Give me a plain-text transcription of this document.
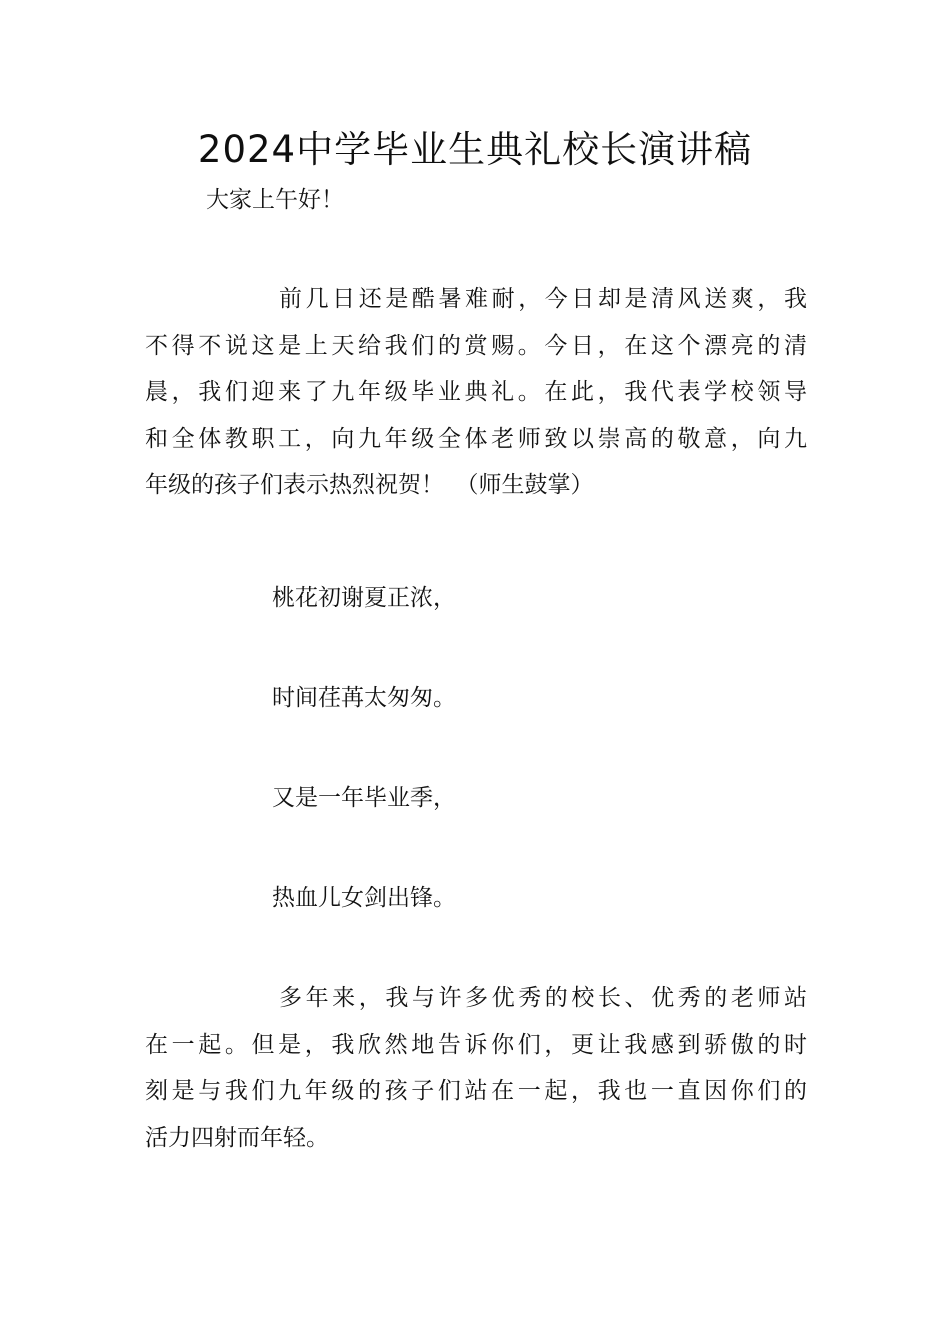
2024中学毕业生典礼校长演讲稿

大家上午好！

前几日还是酷暑难耐，今日却是清风送爽，我
不得不说这是上天给我们的赏赐。今日，在这个漂亮的清
晨，我们迎来了九年级毕业典礼。在此，我代表学校领导
和全体教职工，向九年级全体老师致以崇高的敬意，向九
年级的孩子们表示热烈祝贺！　（师生鼓掌）

桃花初谢夏正浓，

时间荏苒太匆匆。

又是一年毕业季，

热血儿女剑出锋。

多年来，我与许多优秀的校长、优秀的老师站
在一起。但是，我欣然地告诉你们，更让我感到骄傲的时
刻是与我们九年级的孩子们站在一起，我也一直因你们的
活力四射而年轻。
